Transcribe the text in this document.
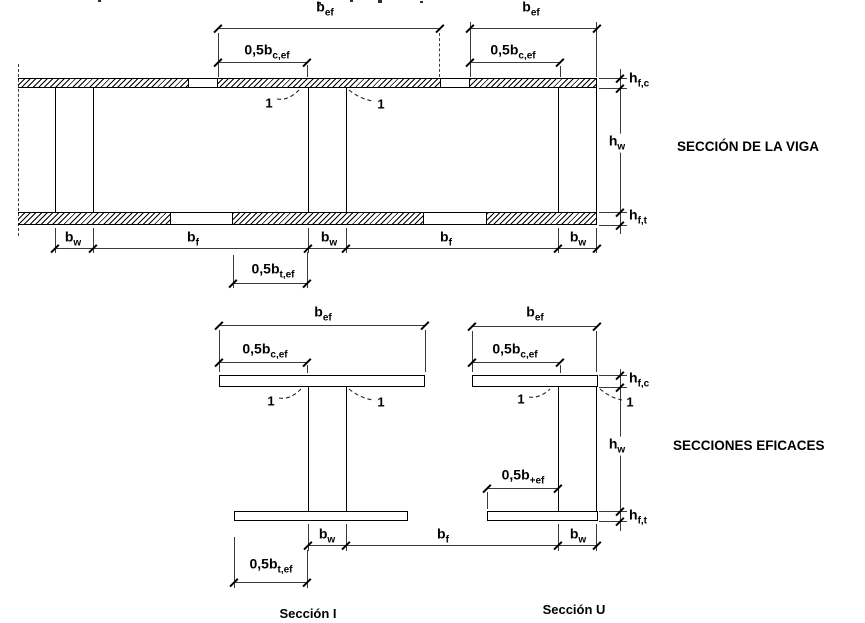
SECCIÓN DE LA VIGA
SECCIONES EFICACES
Sección I	Sección U
$b_{ef}$	$b_{ef}$
$0,5b_{c,ef}$	$0,5b_{c,ef}$
$h_{f,c}$
$h_w$
$h_{f,t}$
$b_w$	$b_f$	$b_w$	$b_f$	$b_w$
$0,5b_{t,ef}$
1	1
$b_{ef}$
$0,5b_{c,ef}$
1	1
$b_w$	$b_f$
$0,5b_{t,ef}$
$b_{ef}$
$0,5b_{c,ef}$
$0,5b_{+ef}$
1	1
$b_w$
$h_{f,c}$
$h_w$
$h_{f,t}$
